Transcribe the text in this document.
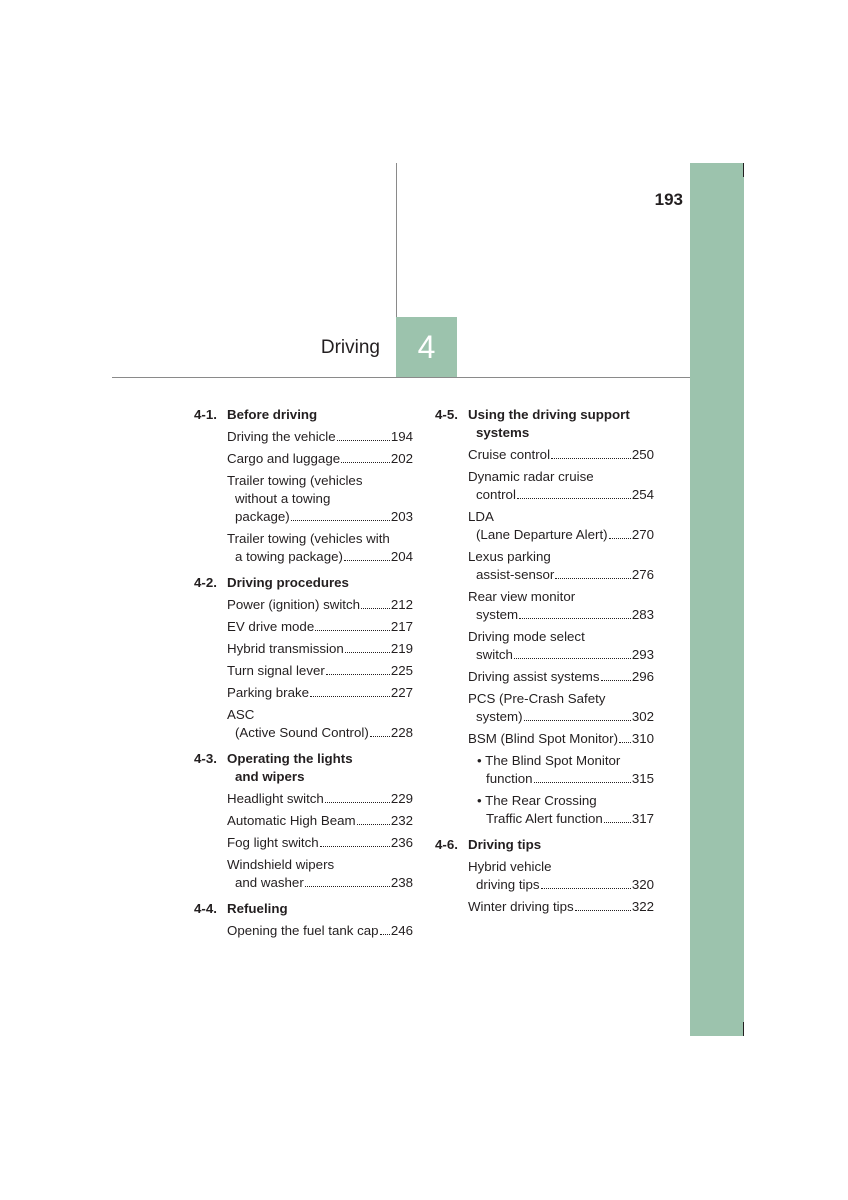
193
Driving	4
4-1. Before driving
Driving the vehicle	194
Cargo and luggage	202
Trailer towing (vehicles
without a towing
package)	203
Trailer towing (vehicles with
a towing package)	204
4-2. Driving procedures
Power (ignition) switch 212
EV drive mode	217
Hybrid transmission	219
Turn signal lever	225
Parking brake	227
ASC
(Active Sound Control) 228
4-3. Operating the lights
and wipers
Headlight switch	229
Automatic High Beam	232
Fog light switch	236
Windshield wipers
and washer	238
4-4. Refueling
Opening the fuel tank cap 246
4-5. Using the driving support
systems
Cruise control	250
Dynamic radar cruise
control	254
LDA
(Lane Departure Alert) 270
Lexus parking
assist-sensor	276
Rear view monitor
system	283
Driving mode select
switch	293
Driving assist systems 296
PCS (Pre-Crash Safety
system)	302
BSM (Blind Spot Monitor) 310
• The Blind Spot Monitor
function	315
• The Rear Crossing
Traffic Alert function 317
4-6. Driving tips
Hybrid vehicle
driving tips	320
Winter driving tips	322
